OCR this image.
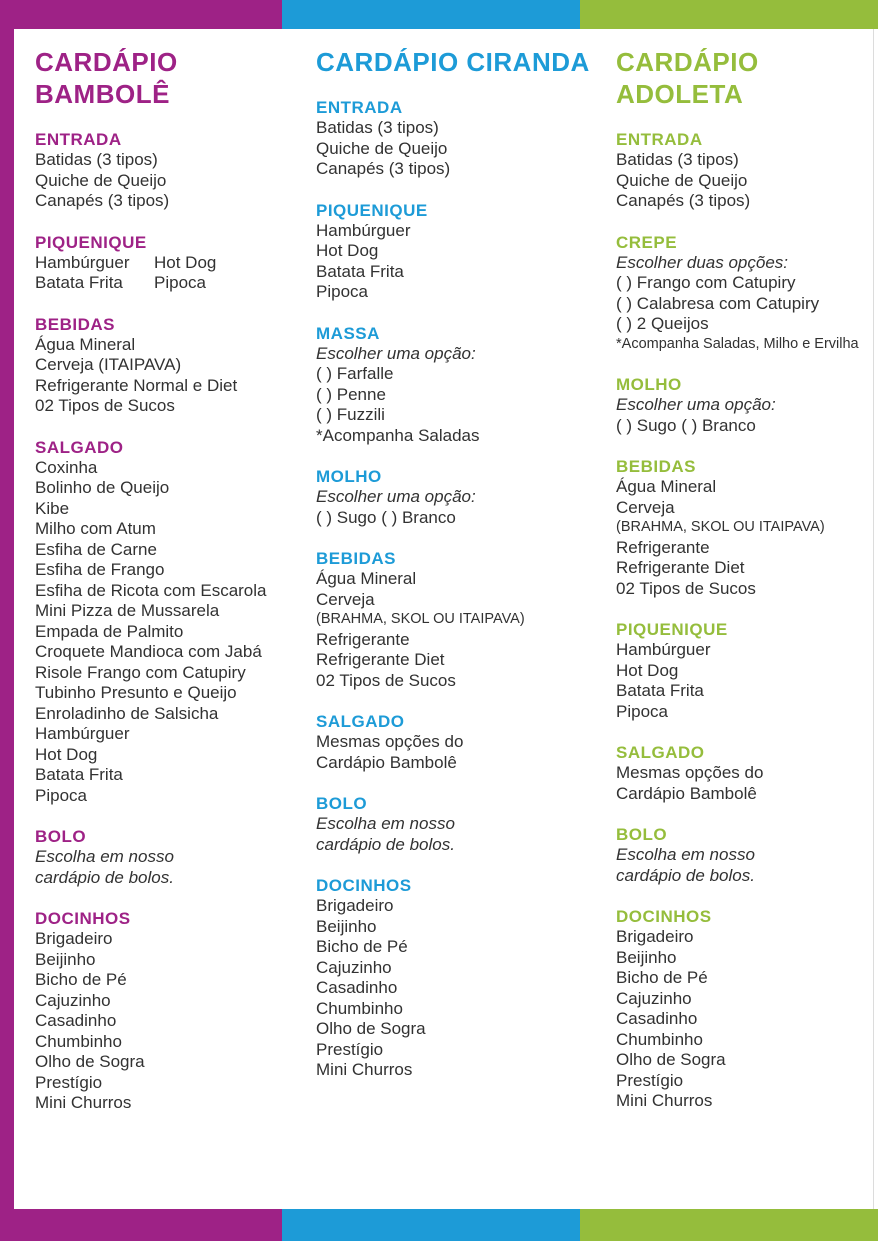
CARDÁPIO BAMBOLÊ
ENTRADA

Batidas (3 tipos)

Quiche de Queijo

Canapés (3 tipos)

PIQUENIQUE

Hambúrguer	Hot Dog

Batata Frita	Pipoca

BEBIDAS

Água Mineral

Cerveja (ITAIPAVA)

Refrigerante Normal e Diet

02 Tipos de Sucos

SALGADO

Coxinha

Bolinho de Queijo

Kibe

Milho com Atum

Esfiha de Carne

Esfiha de Frango

Esfiha de Ricota com Escarola

Mini Pizza de Mussarela

Empada de Palmito

Croquete Mandioca com Jabá

Risole Frango com Catupiry

Tubinho Presunto e Queijo

Enroladinho de Salsicha

Hambúrguer

Hot Dog

Batata Frita

Pipoca

BOLO

Escolha em nosso

cardápio de bolos.

DOCINHOS

Brigadeiro

Beijinho

Bicho de Pé

Cajuzinho

Casadinho

Chumbinho

Olho de Sogra

Prestígio

Mini Churros

CARDÁPIO CIRANDA
ENTRADA

Batidas (3 tipos)

Quiche de Queijo

Canapés (3 tipos)

PIQUENIQUE

Hambúrguer

Hot Dog

Batata Frita

Pipoca

MASSA

Escolher uma opção:

( ) Farfalle

( ) Penne

( ) Fuzzili

*Acompanha Saladas

MOLHO

Escolher uma opção:

( ) Sugo ( ) Branco

BEBIDAS

Água Mineral

Cerveja

(BRAHMA, SKOL OU ITAIPAVA)

Refrigerante

Refrigerante Diet

02 Tipos de Sucos

SALGADO

Mesmas opções do

Cardápio Bambolê

BOLO

Escolha em nosso

cardápio de bolos.

DOCINHOS

Brigadeiro

Beijinho

Bicho de Pé

Cajuzinho

Casadinho

Chumbinho

Olho de Sogra

Prestígio

Mini Churros

CARDÁPIO ADOLETA
ENTRADA

Batidas (3 tipos)

Quiche de Queijo

Canapés (3 tipos)

CREPE

Escolher duas opções:

( ) Frango com Catupiry

( ) Calabresa com Catupiry

( ) 2 Queijos

*Acompanha Saladas, Milho e Ervilha

MOLHO

Escolher uma opção:

( ) Sugo ( ) Branco

BEBIDAS

Água Mineral

Cerveja

(BRAHMA, SKOL OU ITAIPAVA)

Refrigerante

Refrigerante Diet

02 Tipos de Sucos

PIQUENIQUE

Hambúrguer

Hot Dog

Batata Frita

Pipoca

SALGADO

Mesmas opções do

Cardápio Bambolê

BOLO

Escolha em nosso

cardápio de bolos.

DOCINHOS

Brigadeiro

Beijinho

Bicho de Pé

Cajuzinho

Casadinho

Chumbinho

Olho de Sogra

Prestígio

Mini Churros
